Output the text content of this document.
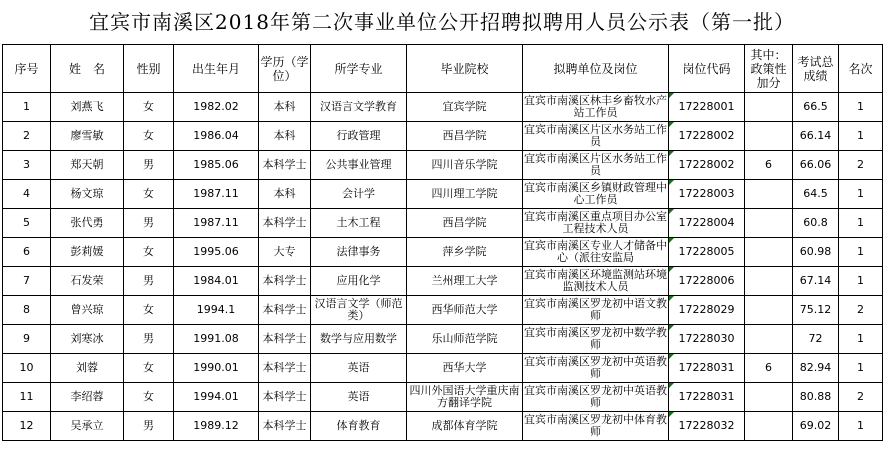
宜宾市南溪区2018年第二次事业单位公开招聘拟聘用人员公示表（第一批）
序号	姓　名	性别	出生年月	学历（学位）	所学专业	毕业院校	拟聘单位及岗位	岗位代码	其中：政策性加分	考试总成绩	名次
1	刘燕飞	女	1982.02	本科	汉语言文学教育	宜宾学院	宜宾市南溪区林丰乡畜牧水产站工作员	17228001		66.5	1
2	廖雪敏	女	1986.04	本科	行政管理	西昌学院	宜宾市南溪区片区水务站工作员	17228002		66.14	1
3	郑天朝	男	1985.06	本科学士	公共事业管理	四川音乐学院	宜宾市南溪区片区水务站工作员	17228002	6	66.06	2
4	杨文琼	女	1987.11	本科	会计学	四川理工学院	宜宾市南溪区乡镇财政管理中心工作员	17228003		64.5	1
5	张代勇	男	1987.11	本科学士	土木工程	西昌学院	宜宾市南溪区重点项目办公室工程技术人员	17228004		60.8	1
6	彭莉媛	女	1995.06	大专	法律事务	萍乡学院	宜宾市南溪区专业人才储备中心（派往安监局	17228005		60.98	1
7	石发荣	男	1984.01	本科学士	应用化学	兰州理工大学	宜宾市南溪区环境监测站环境监测技术人员	17228006		67.14	1
8	曾兴琼	女	1994.1	本科学士	汉语言文学（师范类）	西华师范大学	宜宾市南溪区罗龙初中语文教师	17228029		75.12	2
9	刘寒冰	男	1991.08	本科学士	数学与应用数学	乐山师范学院	宜宾市南溪区罗龙初中数学教师	17228030		72	1
10	刘蓉	女	1990.01	本科学士	英语	西华大学	宜宾市南溪区罗龙初中英语教师	17228031	6	82.94	1
11	李绍蓉	女	1994.01	本科学士	英语	四川外国语大学重庆南方翻译学院	宜宾市南溪区罗龙初中英语教师	17228031		80.88	2
12	吴承立	男	1989.12	本科学士	体育教育	成都体育学院	宜宾市南溪区罗龙初中体育教师	17228032		69.02	1
